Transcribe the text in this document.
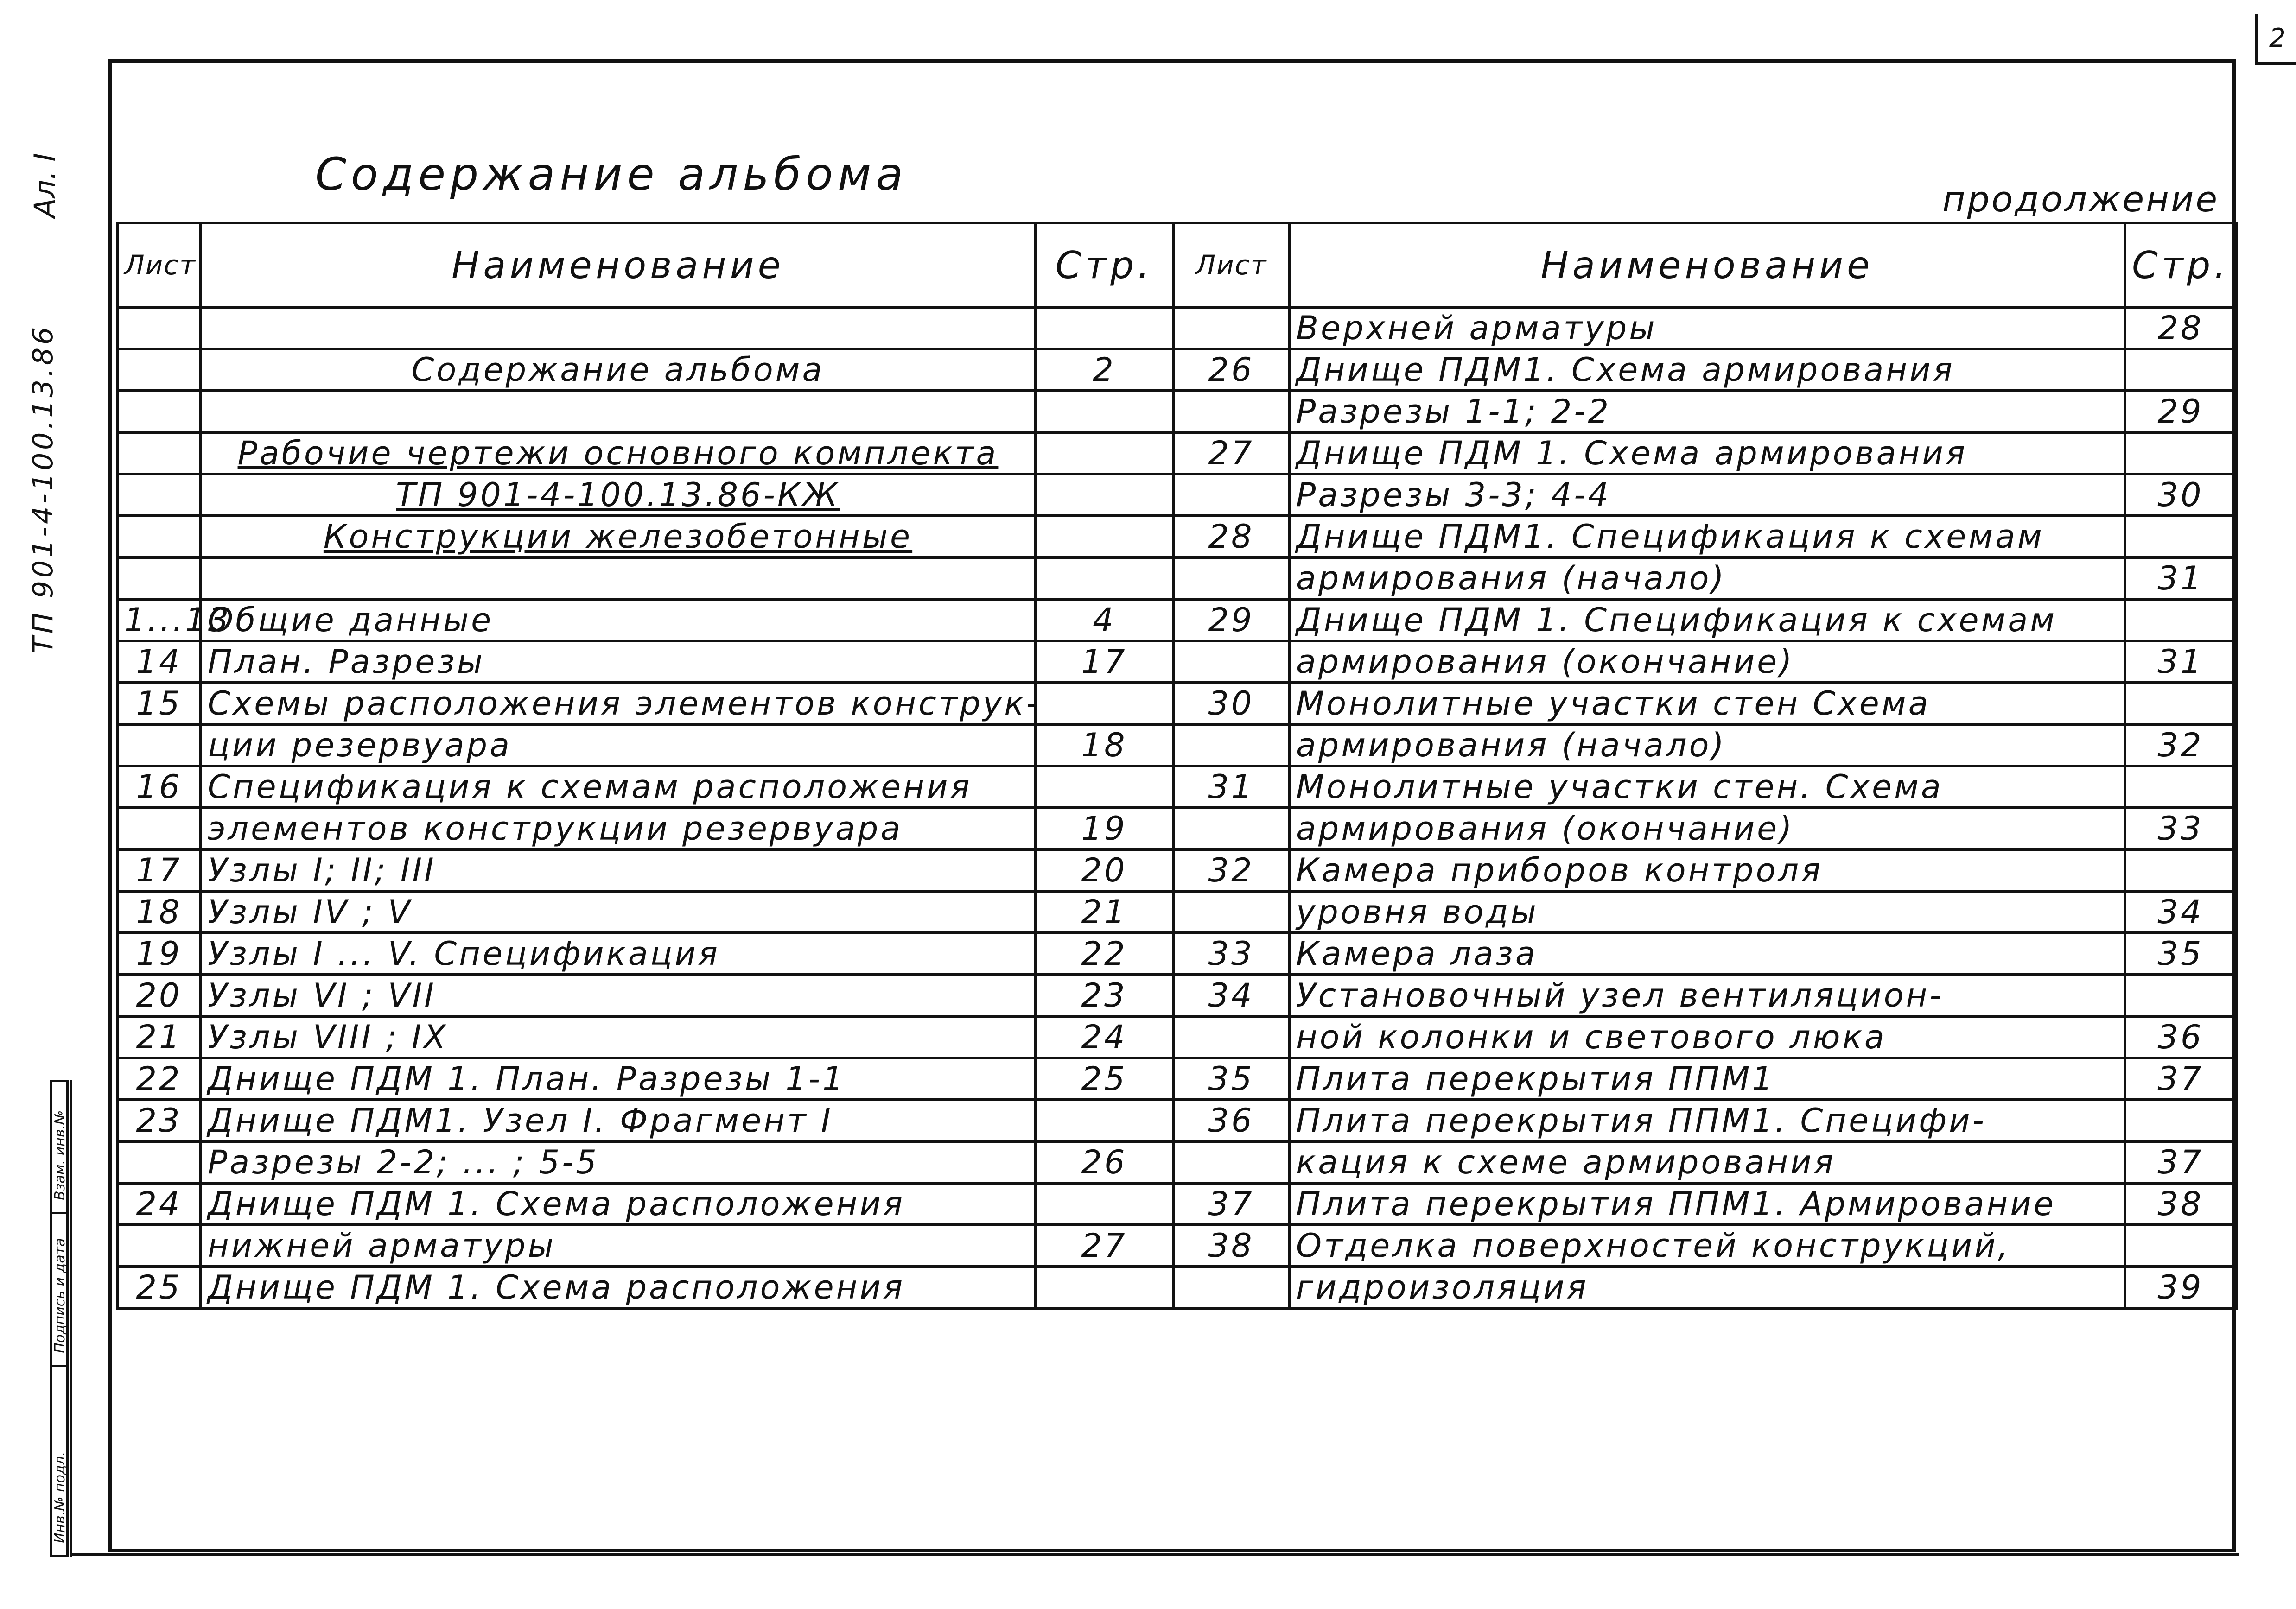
2
Ал. I
ТП 901-4-100.13.86
Инв.№ подл.
Подпись и дата
Взам. инв.№
Содержание альбома	продолжение
Лист	Наименование	Стр.

	Содержание альбома	2

	Рабочие чертежи основного комплекта	
	ТП 901-4-100.13.86-КЖ	
	Конструкции железобетонные	

1...13	Общие данные	4
14	План. Разрезы	17
15	Схемы расположения элементов конструк-	
	ции резервуара	18
16	Спецификация к схемам расположения	
	элементов конструкции резервуара	19
17	Узлы I; II; III	20
18	Узлы IV ; V	21
19	Узлы I ... V. Спецификация	22
20	Узлы VI ; VII	23
21	Узлы VIII ; IX	24
22	Днище ПДМ 1. План. Разрезы 1-1	25
23	Днище ПДМ1. Узел I. Фрагмент I	
	Разрезы 2-2; ... ; 5-5	26
24	Днище ПДМ 1. Схема расположения	
	нижней арматуры	27
25	Днище ПДМ 1. Схема расположения	
Лист	Наименование	Стр.
	Верхней арматуры	28
26	Днище ПДМ1. Схема армирования	
	Разрезы 1-1; 2-2	29
27	Днище ПДМ 1. Схема армирования	
	Разрезы 3-3; 4-4	30
28	Днище ПДМ1. Спецификация к схемам	
	армирования (начало)	31
29	Днище ПДМ 1. Спецификация к схемам	
	армирования (окончание)	31
30	Монолитные участки стен Схема	
	армирования (начало)	32
31	Монолитные участки стен. Схема	
	армирования (окончание)	33
32	Камера приборов контроля	
	уровня воды	34
33	Камера лаза	35
34	Установочный узел вентиляцион-	
	ной колонки и светового люка	36
35	Плита перекрытия ППМ1	37
36	Плита перекрытия ППМ1. Специфи-	
	кация к схеме армирования	37
37	Плита перекрытия ППМ1. Армирование	38
38	Отделка поверхностей конструкций,	
	гидроизоляция	39
